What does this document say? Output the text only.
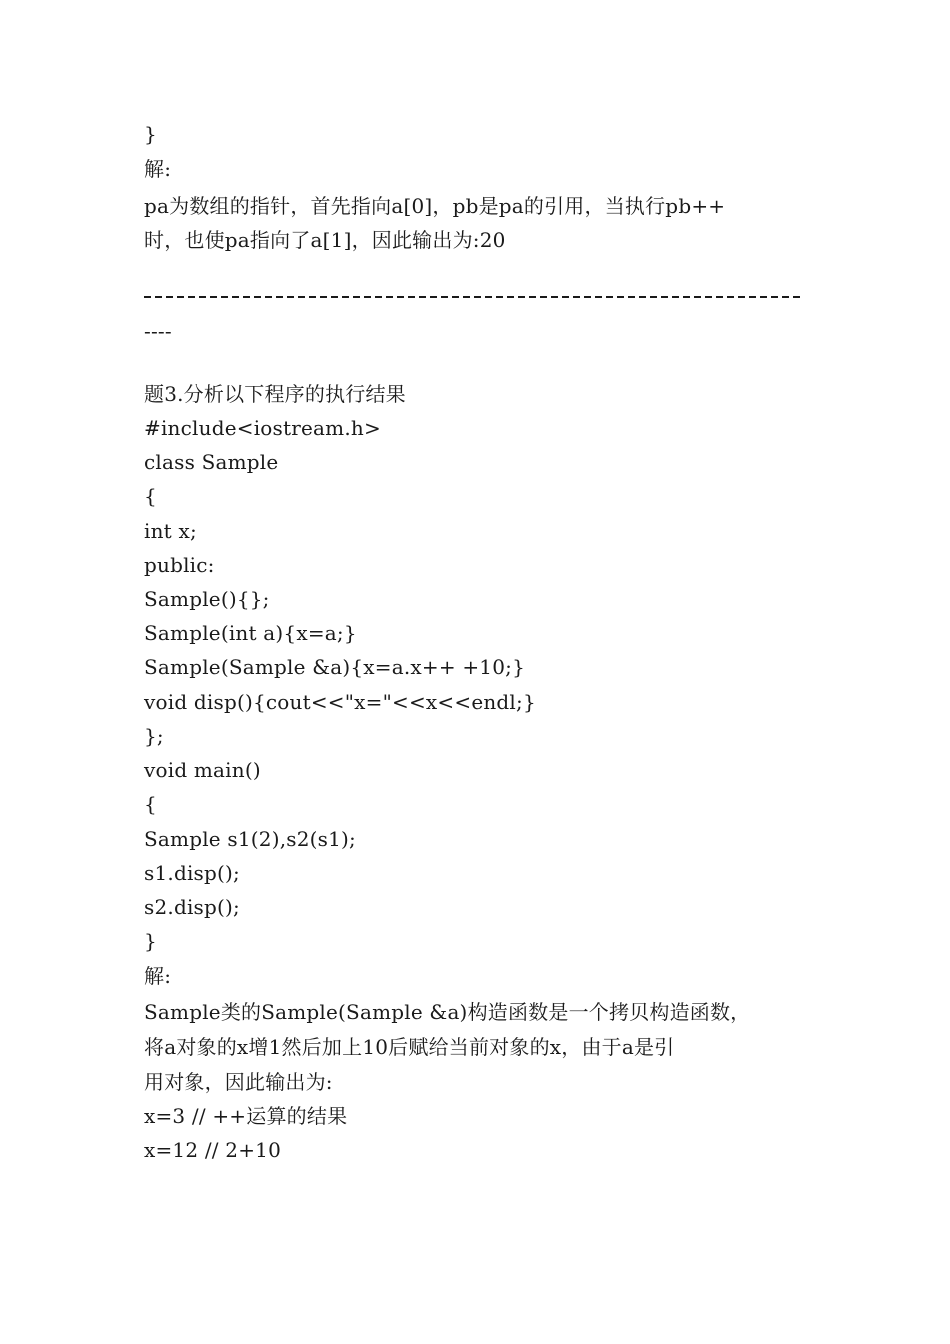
}
解:
pa为数组的指针，首先指向a[0]，pb是pa的引用，当执行pb++
时，也使pa指向了a[1]，因此输出为:20
----
题3.分析以下程序的执行结果
#include<iostream.h>
class Sample
{
int x;
public:
Sample(){};
Sample(int a){x=a;}
Sample(Sample &a){x=a.x++ +10;}
void disp(){cout<<"x="<<x<<endl;}
};
void main()
{
Sample s1(2),s2(s1);
s1.disp();
s2.disp();
}
解:
Sample类的Sample(Sample &a)构造函数是一个拷贝构造函数，
将a对象的x增1然后加上10后赋给当前对象的x，由于a是引
用对象，因此输出为:
x=3 // ++运算的结果
x=12 // 2+10
